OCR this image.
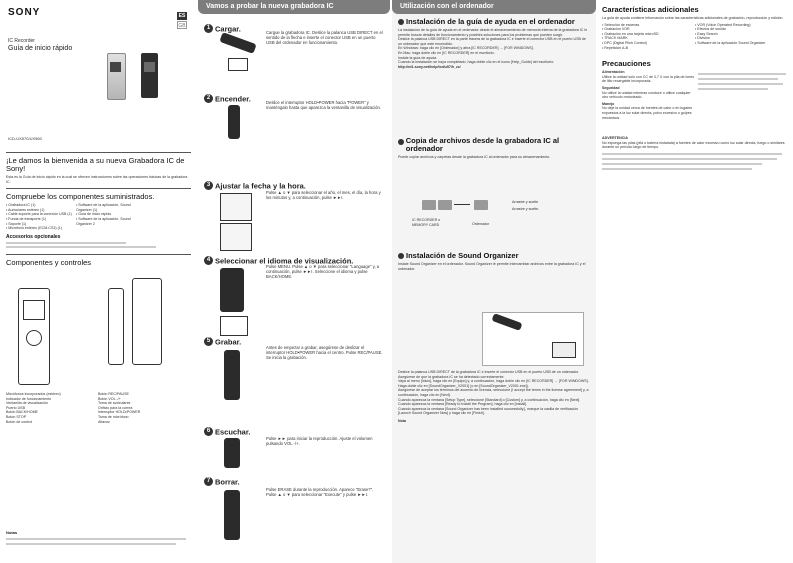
SONY	ES
GB
IC Recorder
Guía de inicio rápido
ICD-UX570/UX560
¡Le damos la bienvenida a su nueva Grabadora IC de Sony!
Esta es la Guía de inicio rápido en la cual se ofrecen instrucciones sobre las operaciones básicas de la grabadora IC.
Compruebe los componentes suministrados.
• Grabadora IC (1)
• Auriculares estéreo (1)
• Cable soporte para la conexión USB (1)
• Funda de transporte (1)
• Soporte (1)
• Micrófono estéreo (ECM-CS3) (1)
• Software de la aplicación, Sound Organizer (1)
• Guía de inicio rápido
• Software de la aplicación, Sound Organizer 2
Accesorios opcionales
Componentes y controles
Micrófonos incorporados (estéreo)
Indicador de funcionamiento
Ventanilla de visualización
Puerto USB
Botón BACK/HOME
Botón STOP
Botón de control
Botón REC/PAUSE
Botón VOL -/+
Toma de auriculares
Orificio para la correa
Interruptor HOLD•POWER
Toma de micrófono
Altavoz
Notas
Vamos a probar la nueva grabadora IC
1 Cargar.	Cargue la grabadora IC. Deslice la palanca USB DIRECT en el sentido de la flecha e inserte el conector USB en un puerto USB del ordenador en funcionamiento.
2 Encender.	Deslice el interruptor HOLD•POWER hacia "POWER" y manténgalo hasta que aparezca la ventanilla de visualización.
3 Ajustar la fecha y la hora.
Pulse ▲ o ▼ para seleccionar el año, el mes, el día, la hora y los minutos y, a continuación, pulse ►►I.
4 Seleccionar el idioma de visualización.
Pulse MENU. Pulse ▲ o ▼ para seleccionar "Language" y, a continuación, pulse ►►I. Seleccione el idioma y pulse BACK/HOME.
5 Grabar.
Antes de empezar a grabar, asegúrese de deslizar el interruptor HOLD•POWER hacia el centro. Pulse REC/PAUSE. Se inicia la grabación.
6 Escuchar.
Pulse ►► para iniciar la reproducción. Ajuste el volumen pulsando VOL -/+.
7 Borrar.
Pulse ERASE durante la reproducción. Aparece "Erase?". Pulse ▲ o ▼ para seleccionar "Execute" y pulse ►►I.
Utilización con el ordenador
Instalación de la guía de ayuda en el ordenador
La instalación de la guía de ayuda en el ordenador desde el almacenamiento de memoria interna de la grabadora IC le permite buscar detalles de funcionamiento y posibles soluciones para los problemas que pueden surgir.
Deslice la palanca USB DIRECT en la parte trasera de la grabadora IC e inserte el conector USB en el puerto USB de un ordenador que esté encendido.
En Windows: haga clic en [Ordenador] y abra [IC RECORDER] → [FOR WINDOWS].
En Mac: haga doble clic en [IC RECORDER] en el escritorio.
Instale la guía de ayuda.
Cuando la instalación se haya completado, haga doble clic en el icono [Help_Guide] del escritorio.
http://rd1.sony.net/help/icd/u57/h_zz/
Copia de archivos desde la grabadora IC al ordenador
Puede copiar archivos y carpetas desde la grabadora IC al ordenador para su almacenamiento.
IC RECORDER o MEMORY CARD	Ordenador
Arrastre y suelte
Arrastre y suelte.
Instalación de Sound Organizer
Instale Sound Organizer en el ordenador. Sound Organizer le permite intercambiar archivos entre la grabadora IC y el ordenador.
Deslice la palanca USB DIRECT de la grabadora IC e inserte el conector USB en el puerto USB de un ordenador.
Asegúrese de que la grabadora IC se ha detectado correctamente.
Vaya al menú [Inicio], haga clic en [Equipo] y, a continuación, haga doble clic en [IC RECORDER] → [FOR WINDOWS].
Haga doble clic en [SoundOrganizer_V2001] (o en [SoundOrganizer_V2001.exe]).
Asegúrese de aceptar los términos del acuerdo de licencia, seleccione [I accept the terms in the license agreement] y, a continuación, haga clic en [Next].
Cuando aparezca la ventana [Setup Type], seleccione [Standard] o [Custom] y, a continuación, haga clic en [Next].
Cuando aparezca la ventana [Ready to Install the Program], haga clic en [Install].
Cuando aparezca la ventana [Sound Organizer has been installed successfully.], marque la casilla de verificación [Launch Sound Organizer Now] y haga clic en [Finish].
Nota
Características adicionales
La guía de ayuda contiene información sobre las características adicionales de grabación, reproducción y edición.
• Selección de escenas
• Grabación VOR
• Grabación en una tarjeta microSD
• TRACK MARK
• DPC (Digital Pitch Control)
• Repetición A-B
• VOR (Voice Operated Recording)
• Efectos de sonido
• Easy Search
• División
• Software de la aplicación Sound Organizer
Precauciones
Alimentación
Utilice la unidad solo con CC de 3,7 V con la pila de iones de litio recargable incorporada.
Seguridad
No utilice la unidad mientras conduce o utilice cualquier otro vehículo motorizado.
Manejo
No deje la unidad cerca de fuentes de calor o en lugares expuestos a la luz solar directa, polvo excesivo o golpes mecánicos.
ADVERTENCIA
No exponga las pilas (pila o batería instalada) a fuentes de calor excesivo como luz solar directa, fuego o similares durante un período largo de tiempo.
